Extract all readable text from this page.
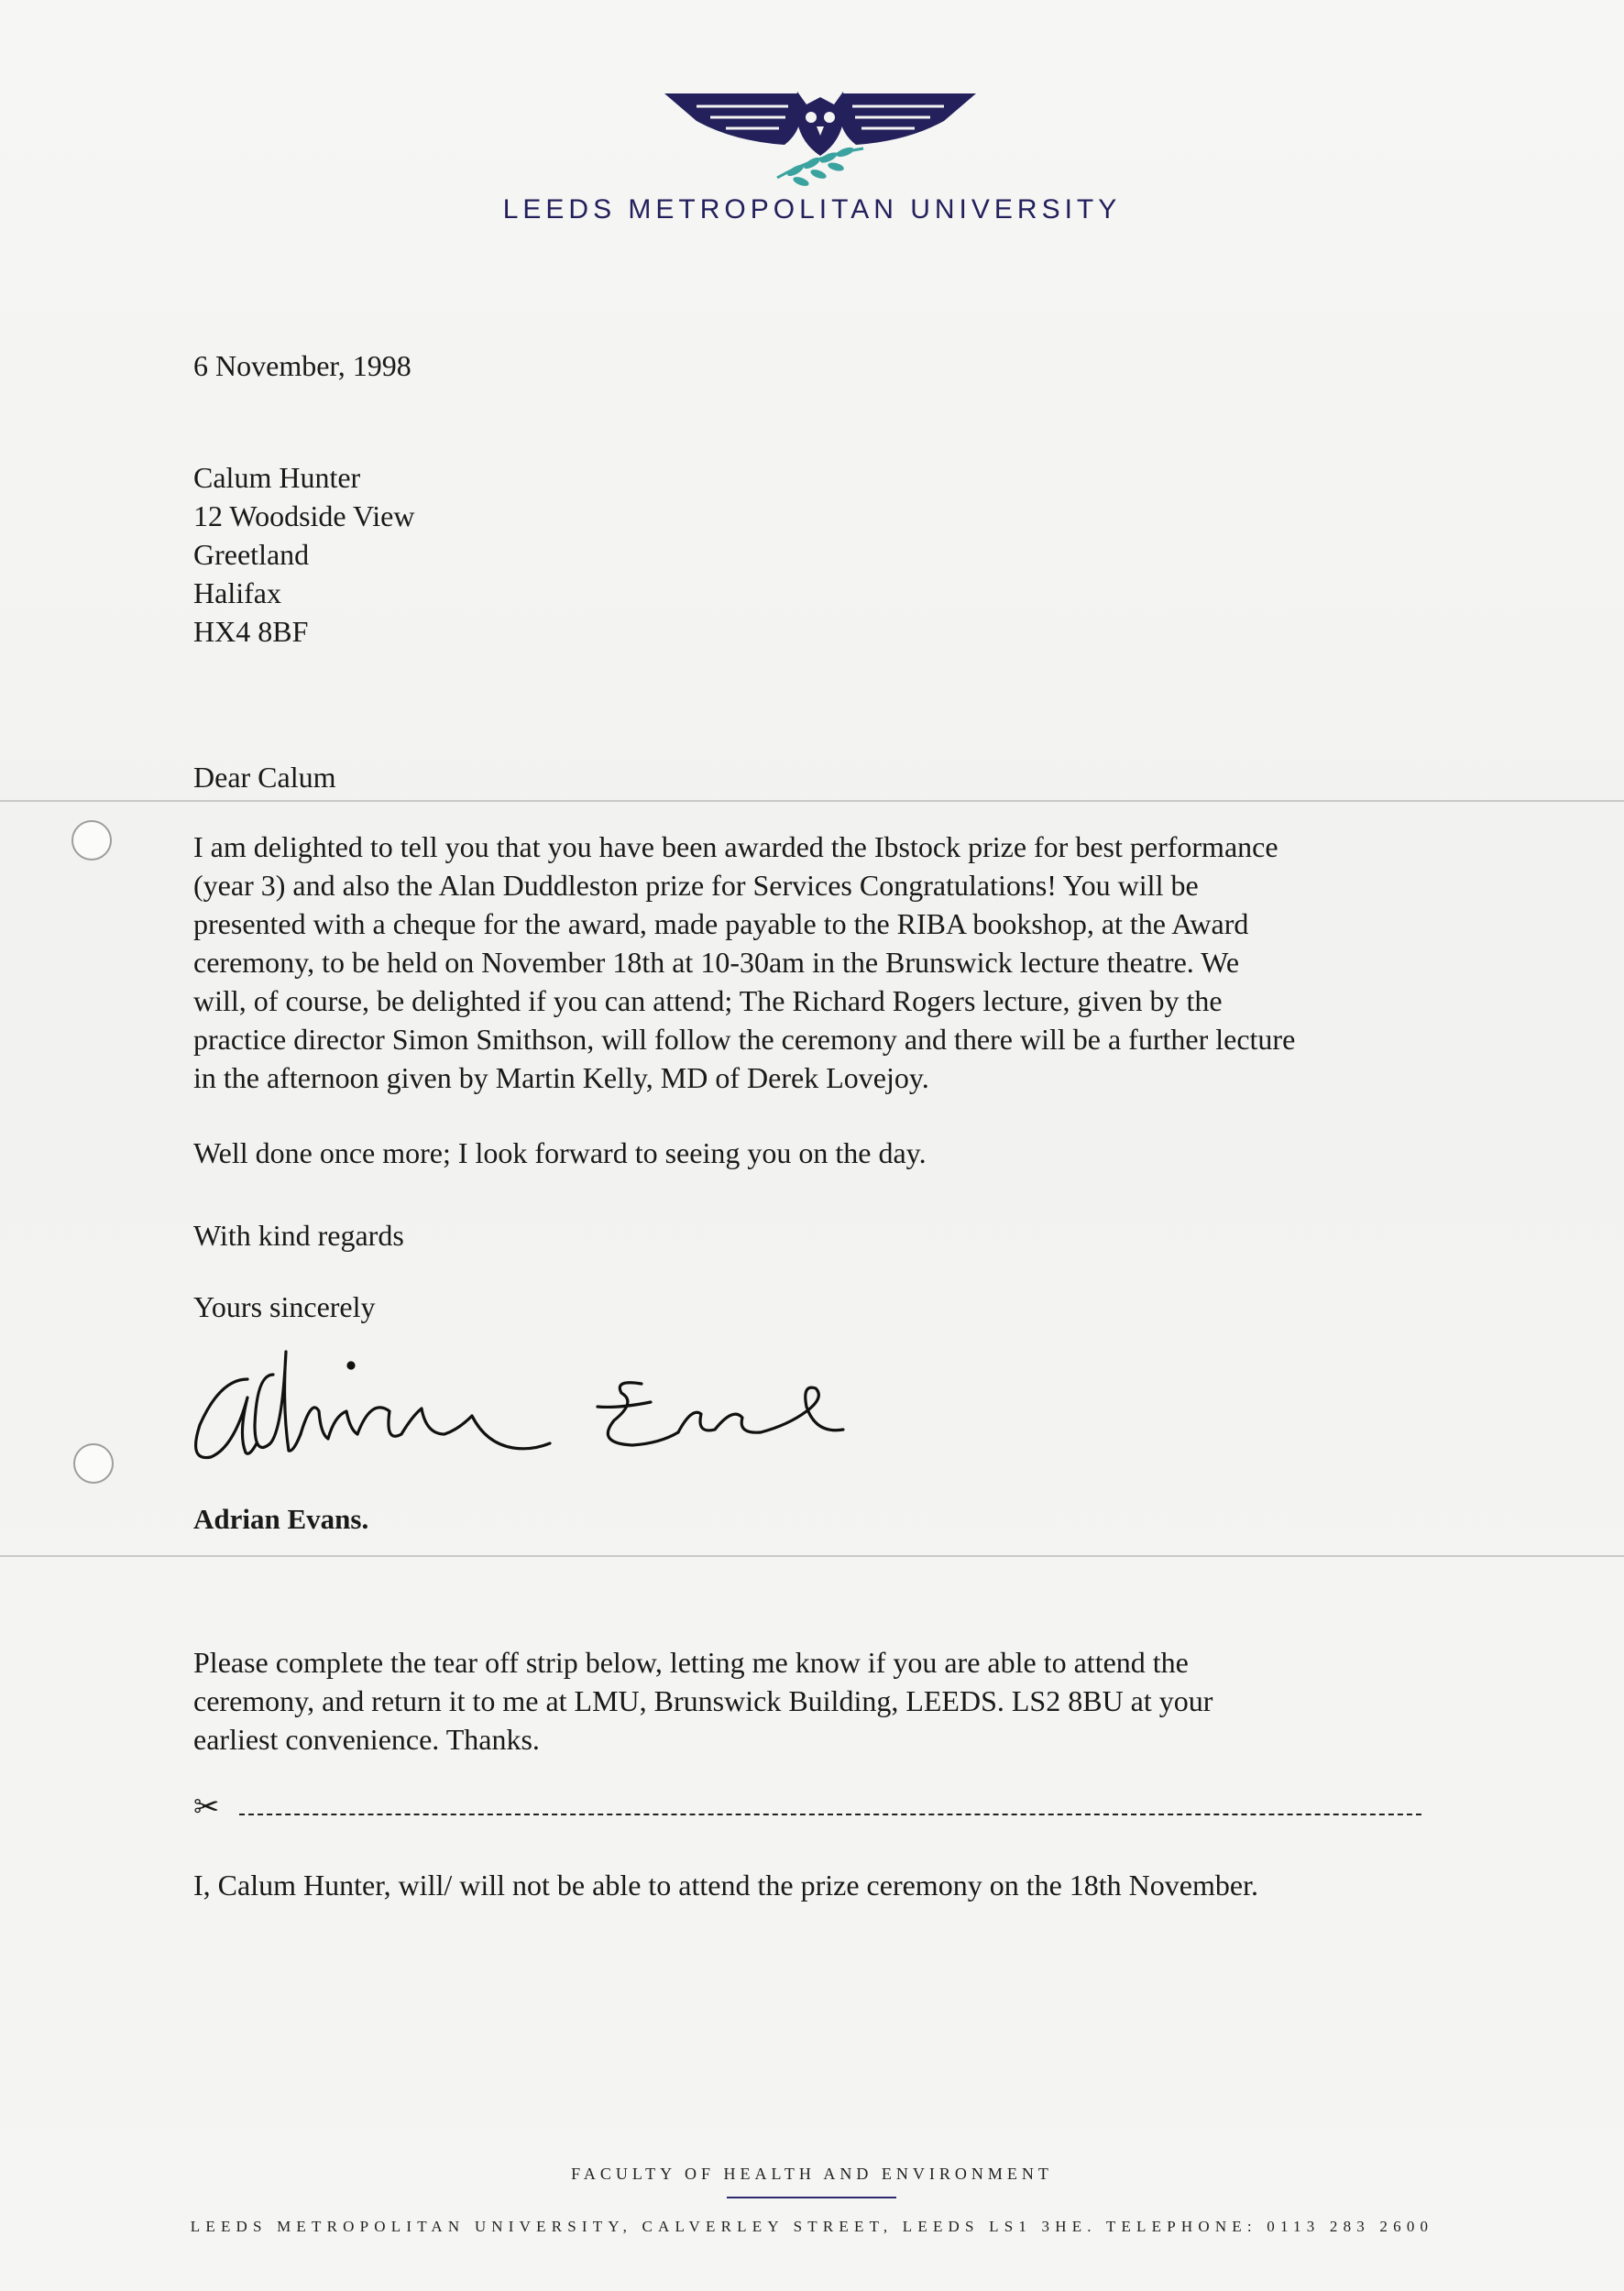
LEEDS METROPOLITAN UNIVERSITY
6 November, 1998
Calum Hunter
12 Woodside View
Greetland
Halifax
HX4 8BF
Dear Calum
I am delighted to tell you that you have been awarded the Ibstock prize for best performance
(year 3) and also the Alan Duddleston prize for Services Congratulations! You will be
presented with a cheque for the award, made payable to the RIBA bookshop, at the Award
ceremony, to be held on November 18th at 10-30am in the Brunswick lecture theatre. We
will, of course, be delighted if you can attend; The Richard Rogers lecture, given by the
practice director Simon Smithson, will follow the ceremony and there will be a further lecture
in the afternoon given by Martin Kelly, MD of Derek Lovejoy.
Well done once more; I look forward to seeing you on the day.
With kind regards
Yours sincerely
Adrian Evans.
Please complete the tear off strip below, letting me know if you are able to attend the
ceremony, and return it to me at LMU, Brunswick Building, LEEDS. LS2 8BU at your
earliest convenience. Thanks.
✂
I, Calum Hunter, will/ will not be able to attend the prize ceremony on the 18th November.
FACULTY OF HEALTH AND ENVIRONMENT
LEEDS METROPOLITAN UNIVERSITY, CALVERLEY STREET, LEEDS LS1 3HE. TELEPHONE: 0113 283 2600
